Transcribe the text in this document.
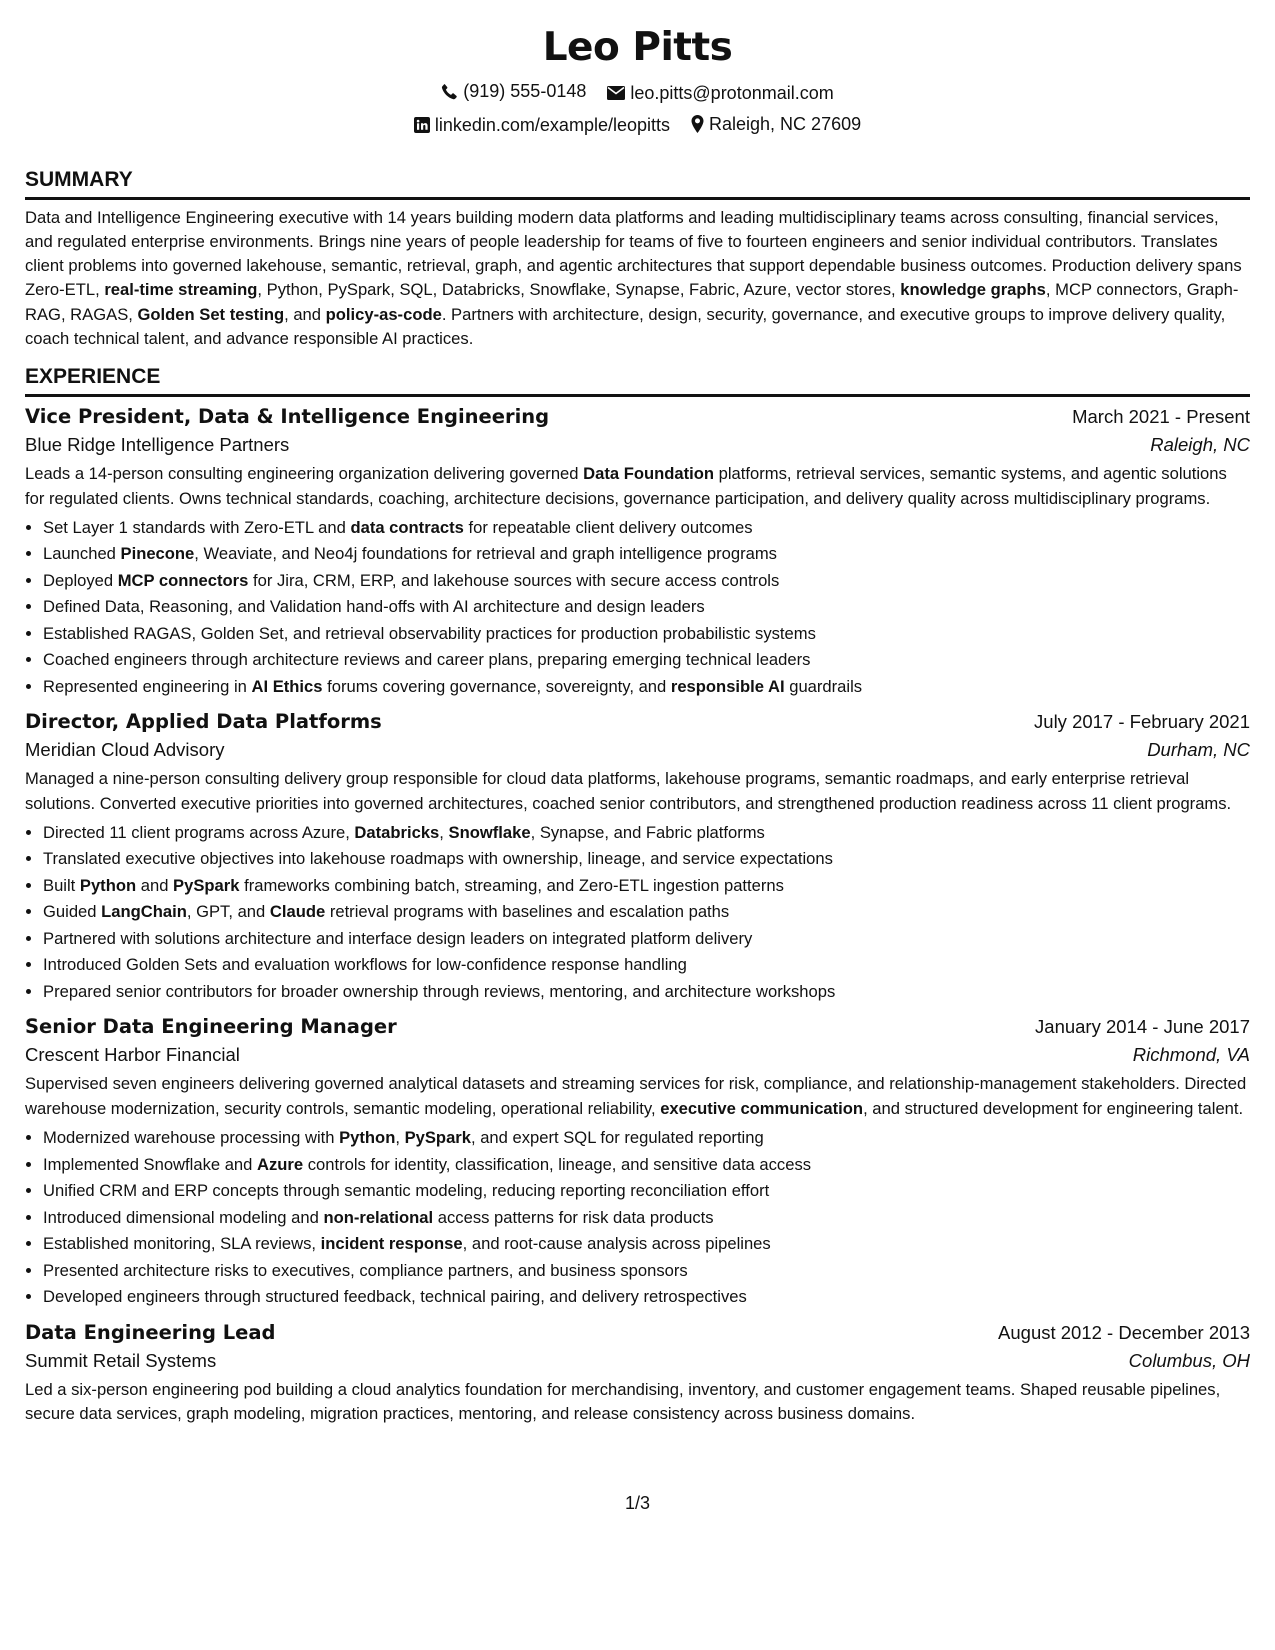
Leo Pitts
(919) 555-0148
leo.pitts@protonmail.com
linkedin.com/example/leopitts
Raleigh, NC 27609
SUMMARY
Data and Intelligence Engineering executive with 14 years building modern data platforms and leading multidisciplinary teams across consulting, financial services, and regulated enterprise environments. Brings nine years of people leadership for teams of five to fourteen engineers and senior individual contributors. Translates client problems into governed lakehouse, semantic, retrieval, graph, and agentic architectures that support dependable business outcomes. Production delivery spans Zero-ETL, real-time streaming, Python, PySpark, SQL, Databricks, Snowflake, Synapse, Fabric, Azure, vector stores, knowledge graphs, MCP connectors, Graph-RAG, RAGAS, Golden Set testing, and policy-as-code. Partners with architecture, design, security, governance, and executive groups to improve delivery quality, coach technical talent, and advance responsible AI practices.
EXPERIENCE
Vice President, Data & Intelligence Engineering	March 2021 - Present
Blue Ridge Intelligence Partners	Raleigh, NC
Leads a 14-person consulting engineering organization delivering governed Data Foundation platforms, retrieval services, semantic systems, and agentic solutions for regulated clients. Owns technical standards, coaching, architecture decisions, governance participation, and delivery quality across multidisciplinary programs.
• Set Layer 1 standards with Zero-ETL and data contracts for repeatable client delivery outcomes
• Launched Pinecone, Weaviate, and Neo4j foundations for retrieval and graph intelligence programs
• Deployed MCP connectors for Jira, CRM, ERP, and lakehouse sources with secure access controls
• Defined Data, Reasoning, and Validation hand-offs with AI architecture and design leaders
• Established RAGAS, Golden Set, and retrieval observability practices for production probabilistic systems
• Coached engineers through architecture reviews and career plans, preparing emerging technical leaders
• Represented engineering in AI Ethics forums covering governance, sovereignty, and responsible AI guardrails
Director, Applied Data Platforms	July 2017 - February 2021
Meridian Cloud Advisory	Durham, NC
Managed a nine-person consulting delivery group responsible for cloud data platforms, lakehouse programs, semantic roadmaps, and early enterprise retrieval solutions. Converted executive priorities into governed architectures, coached senior contributors, and strengthened production readiness across 11 client programs.
• Directed 11 client programs across Azure, Databricks, Snowflake, Synapse, and Fabric platforms
• Translated executive objectives into lakehouse roadmaps with ownership, lineage, and service expectations
• Built Python and PySpark frameworks combining batch, streaming, and Zero-ETL ingestion patterns
• Guided LangChain, GPT, and Claude retrieval programs with baselines and escalation paths
• Partnered with solutions architecture and interface design leaders on integrated platform delivery
• Introduced Golden Sets and evaluation workflows for low-confidence response handling
• Prepared senior contributors for broader ownership through reviews, mentoring, and architecture workshops
Senior Data Engineering Manager	January 2014 - June 2017
Crescent Harbor Financial	Richmond, VA
Supervised seven engineers delivering governed analytical datasets and streaming services for risk, compliance, and relationship-management stakeholders. Directed warehouse modernization, security controls, semantic modeling, operational reliability, executive communication, and structured development for engineering talent.
• Modernized warehouse processing with Python, PySpark, and expert SQL for regulated reporting
• Implemented Snowflake and Azure controls for identity, classification, lineage, and sensitive data access
• Unified CRM and ERP concepts through semantic modeling, reducing reporting reconciliation effort
• Introduced dimensional modeling and non-relational access patterns for risk data products
• Established monitoring, SLA reviews, incident response, and root-cause analysis across pipelines
• Presented architecture risks to executives, compliance partners, and business sponsors
• Developed engineers through structured feedback, technical pairing, and delivery retrospectives
Data Engineering Lead	August 2012 - December 2013
Summit Retail Systems	Columbus, OH
Led a six-person engineering pod building a cloud analytics foundation for merchandising, inventory, and customer engagement teams. Shaped reusable pipelines, secure data services, graph modeling, migration practices, mentoring, and release consistency across business domains.
1/3
